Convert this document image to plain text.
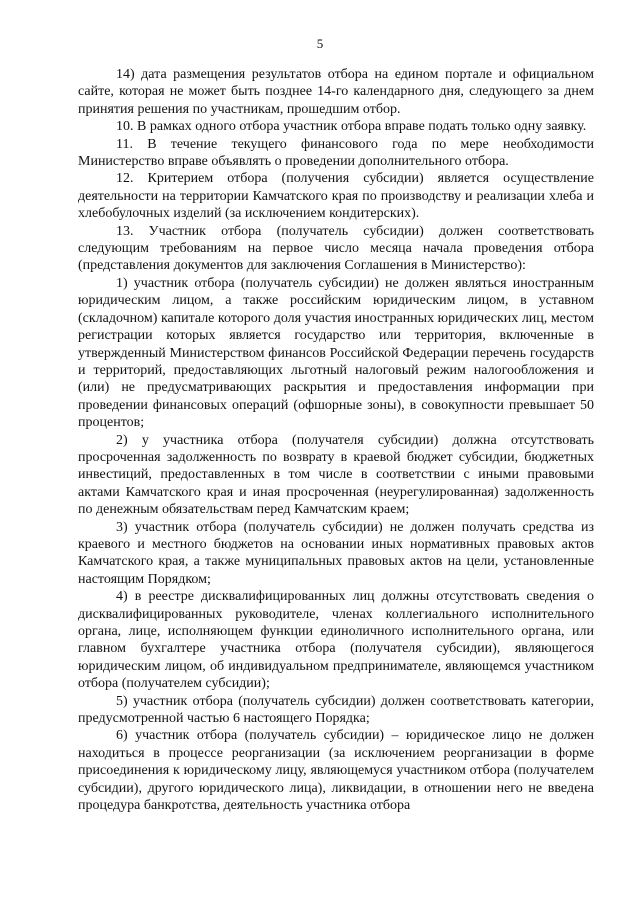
5

14) дата размещения результатов отбора на едином портале и официальном сайте, которая не может быть позднее 14-го календарного дня, следующего за днем принятия решения по участникам, прошедшим отбор.

10. В рамках одного отбора участник отбора вправе подать только одну заявку.

11. В течение текущего финансового года по мере необходимости Министерство вправе объявлять о проведении дополнительного отбора.

12. Критерием отбора (получения субсидии) является осуществление деятельности на территории Камчатского края по производству и реализации хлеба и хлебобулочных изделий (за исключением кондитерских).

13. Участник отбора (получатель субсидии) должен соответствовать следующим требованиям на первое число месяца начала проведения отбора (представления документов для заключения Соглашения в Министерство):

1) участник отбора (получатель субсидии) не должен являться иностранным юридическим лицом, а также российским юридическим лицом, в уставном (складочном) капитале которого доля участия иностранных юридических лиц, местом регистрации которых является государство или территория, включенные в утвержденный Министерством финансов Российской Федерации перечень государств и территорий, предоставляющих льготный налоговый режим налогообложения и (или) не предусматривающих раскрытия и предоставления информации при проведении финансовых операций (офшорные зоны), в совокупности превышает 50 процентов;

2) у участника отбора (получателя субсидии) должна отсутствовать просроченная задолженность по возврату в краевой бюджет субсидии, бюджетных инвестиций, предоставленных в том числе в соответствии с иными правовыми актами Камчатского края и иная просроченная (неурегулированная) задолженность по денежным обязательствам перед Камчатским краем;

3) участник отбора (получатель субсидии) не должен получать средства из краевого и местного бюджетов на основании иных нормативных правовых актов Камчатского края, а также муниципальных правовых актов на цели, установленные настоящим Порядком;

4) в реестре дисквалифицированных лиц должны отсутствовать сведения о дисквалифицированных руководителе, членах коллегиального исполнительного органа, лице, исполняющем функции единоличного исполнительного органа, или главном бухгалтере участника отбора (получателя субсидии), являющегося юридическим лицом, об индивидуальном предпринимателе, являющемся участником отбора (получателем субсидии);

5) участник отбора (получатель субсидии) должен соответствовать категории, предусмотренной частью 6 настоящего Порядка;

6) участник отбора (получатель субсидии) – юридическое лицо не должен находиться в процессе реорганизации (за исключением реорганизации в форме присоединения к юридическому лицу, являющемуся участником отбора (получателем субсидии), другого юридического лица), ликвидации, в отношении него не введена процедура банкротства, деятельность участника отбора
